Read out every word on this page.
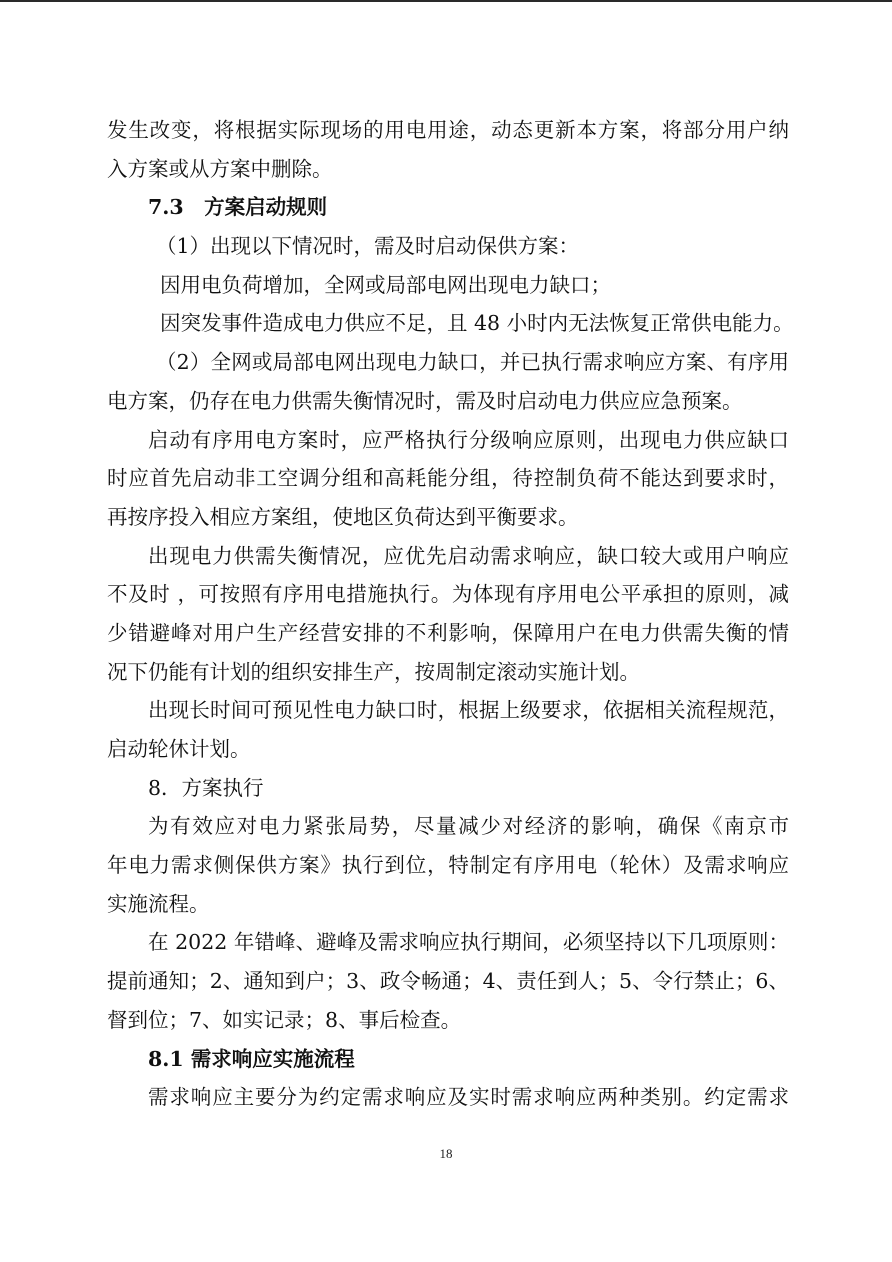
发生改变，将根据实际现场的用电用途，动态更新本方案，将部分用户纳
入方案或从方案中删除。
7.3　方案启动规则
（1）出现以下情况时，需及时启动保供方案：
因用电负荷增加，全网或局部电网出现电力缺口；
因突发事件造成电力供应不足，且 48 小时内无法恢复正常供电能力。
（2）全网或局部电网出现电力缺口，并已执行需求响应方案、有序用
电方案，仍存在电力供需失衡情况时，需及时启动电力供应应急预案。
启动有序用电方案时，应严格执行分级响应原则，出现电力供应缺口
时应首先启动非工空调分组和高耗能分组，待控制负荷不能达到要求时，
再按序投入相应方案组，使地区负荷达到平衡要求。
出现电力供需失衡情况，应优先启动需求响应，缺口较大或用户响应
不及时 ，可按照有序用电措施执行。为体现有序用电公平承担的原则，减
少错避峰对用户生产经营安排的不利影响，保障用户在电力供需失衡的情
况下仍能有计划的组织安排生产，按周制定滚动实施计划。
出现长时间可预见性电力缺口时，根据上级要求，依据相关流程规范，
启动轮休计划。
8．方案执行
为有效应对电力紧张局势，尽量减少对经济的影响，确保《南京市
年电力需求侧保供方案》执行到位，特制定有序用电（轮休）及需求响应
实施流程。
在 2022 年错峰、避峰及需求响应执行期间，必须坚持以下几项原则：
提前通知；2、通知到户；3、政令畅通；4、责任到人；5、令行禁止；6、
督到位；7、如实记录；8、事后检查。
8.1 需求响应实施流程
需求响应主要分为约定需求响应及实时需求响应两种类别。约定需求
18
